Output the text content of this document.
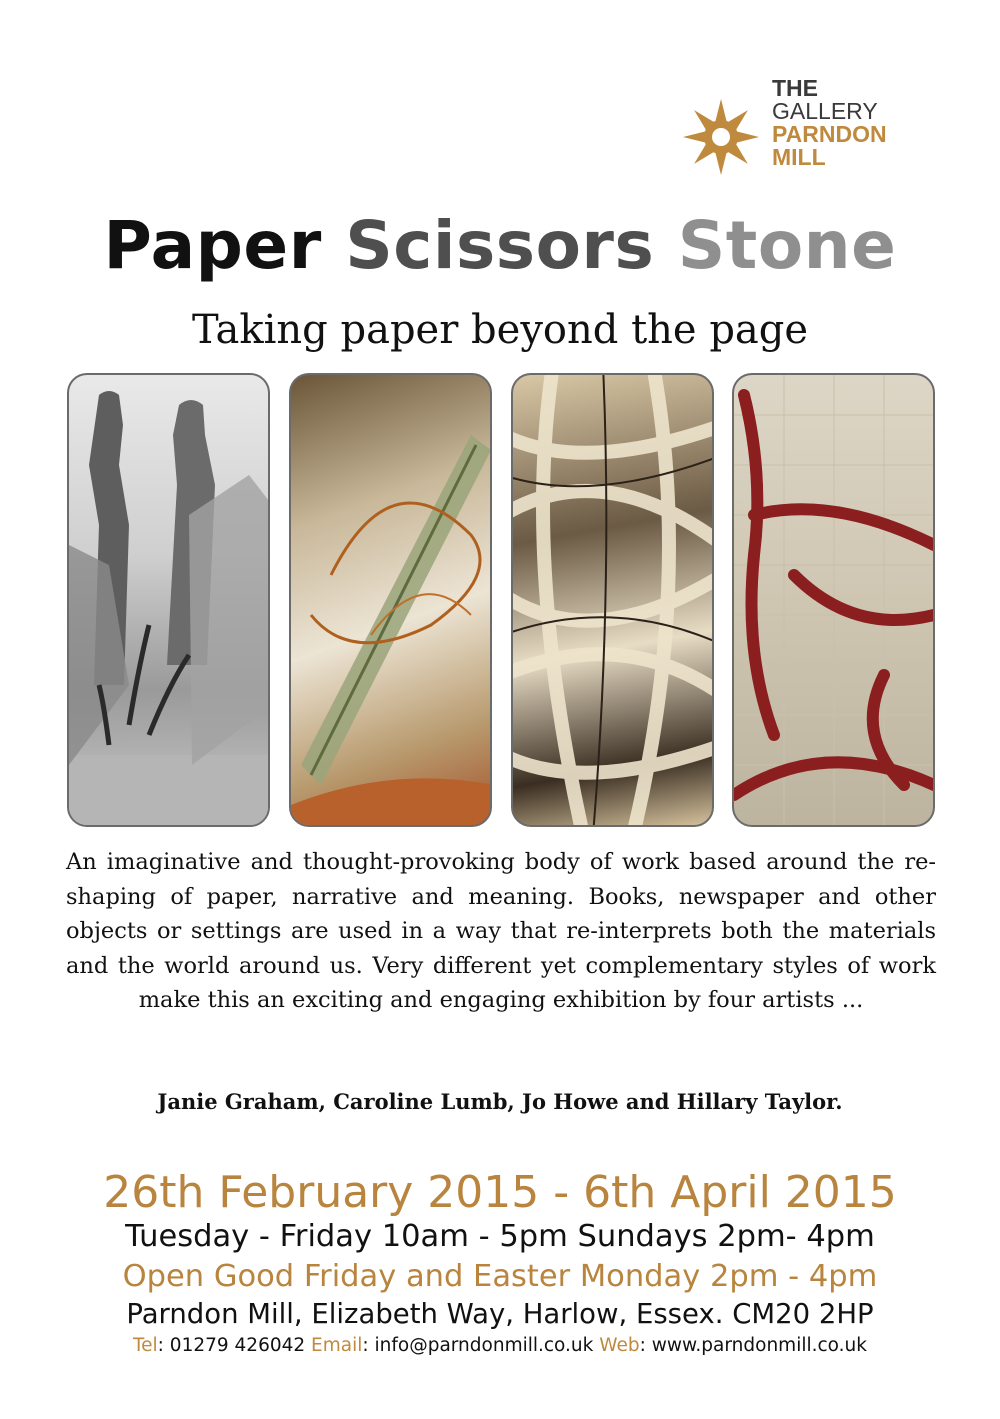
THE
GALLERY
PARNDON
MILL
Paper Scissors Stone
Taking paper beyond the page
An imaginative and thought-provoking body of work based around the re-shaping of paper, narrative and meaning. Books, newspaper and other objects or settings are used in a way that re-interprets both the materials and the world around us. Very different yet complementary styles of work make this an exciting and engaging exhibition by four artists ...
Janie Graham, Caroline Lumb, Jo Howe and Hillary Taylor.
26th February 2015 - 6th April 2015
Tuesday - Friday 10am - 5pm Sundays 2pm- 4pm
Open Good Friday and Easter Monday 2pm - 4pm
Parndon Mill, Elizabeth Way, Harlow, Essex. CM20 2HP
Tel: 01279 426042 Email: info@parndonmill.co.uk Web: www.parndonmill.co.uk
